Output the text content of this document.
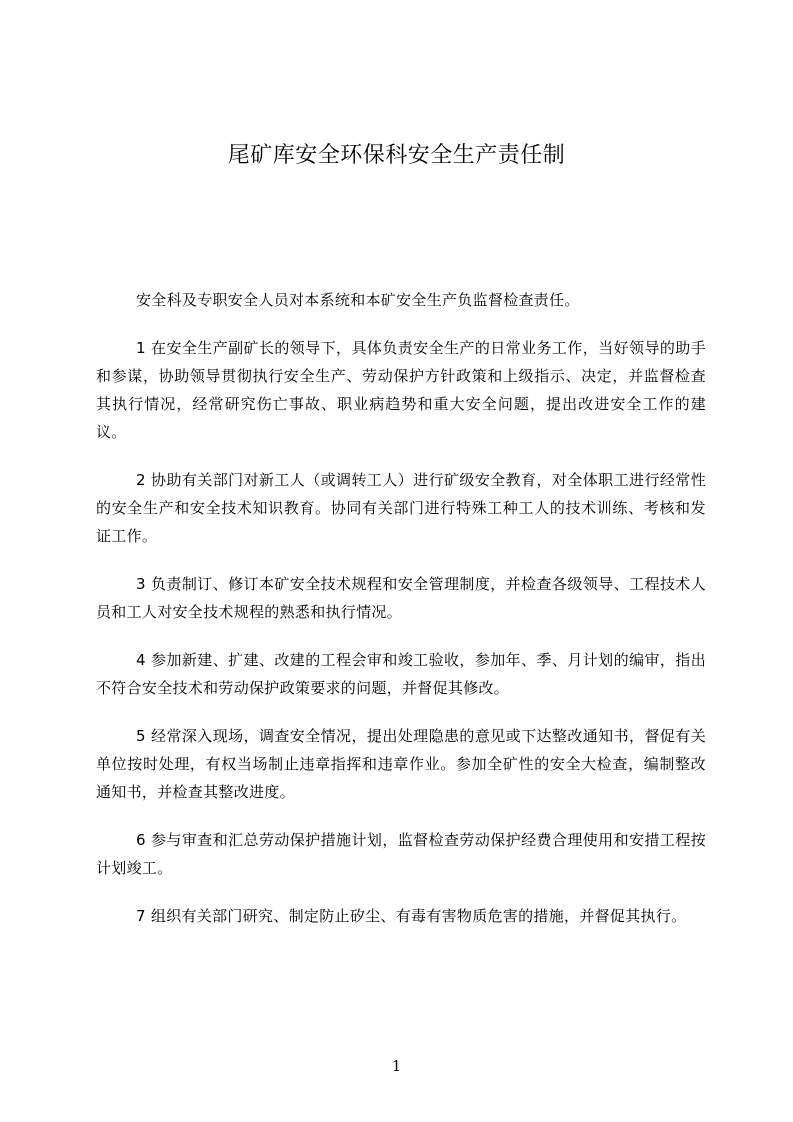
尾矿库安全环保科安全生产责任制

安全科及专职安全人员对本系统和本矿安全生产负监督检查责任。

1 在安全生产副矿长的领导下，具体负责安全生产的日常业务工作，当好领导的助手和参谋，协助领导贯彻执行安全生产、劳动保护方针政策和上级指示、决定，并监督检查其执行情况，经常研究伤亡事故、职业病趋势和重大安全问题，提出改进安全工作的建议。

2 协助有关部门对新工人（或调转工人）进行矿级安全教育，对全体职工进行经常性的安全生产和安全技术知识教育。协同有关部门进行特殊工种工人的技术训练、考核和发证工作。

3 负责制订、修订本矿安全技术规程和安全管理制度，并检查各级领导、工程技术人员和工人对安全技术规程的熟悉和执行情况。

4 参加新建、扩建、改建的工程会审和竣工验收，参加年、季、月计划的编审，指出不符合安全技术和劳动保护政策要求的问题，并督促其修改。

5 经常深入现场，调查安全情况，提出处理隐患的意见或下达整改通知书，督促有关单位按时处理，有权当场制止违章指挥和违章作业。参加全矿性的安全大检查，编制整改通知书，并检查其整改进度。

6 参与审查和汇总劳动保护措施计划，监督检查劳动保护经费合理使用和安措工程按计划竣工。

7 组织有关部门研究、制定防止矽尘、有毒有害物质危害的措施，并督促其执行。

1
